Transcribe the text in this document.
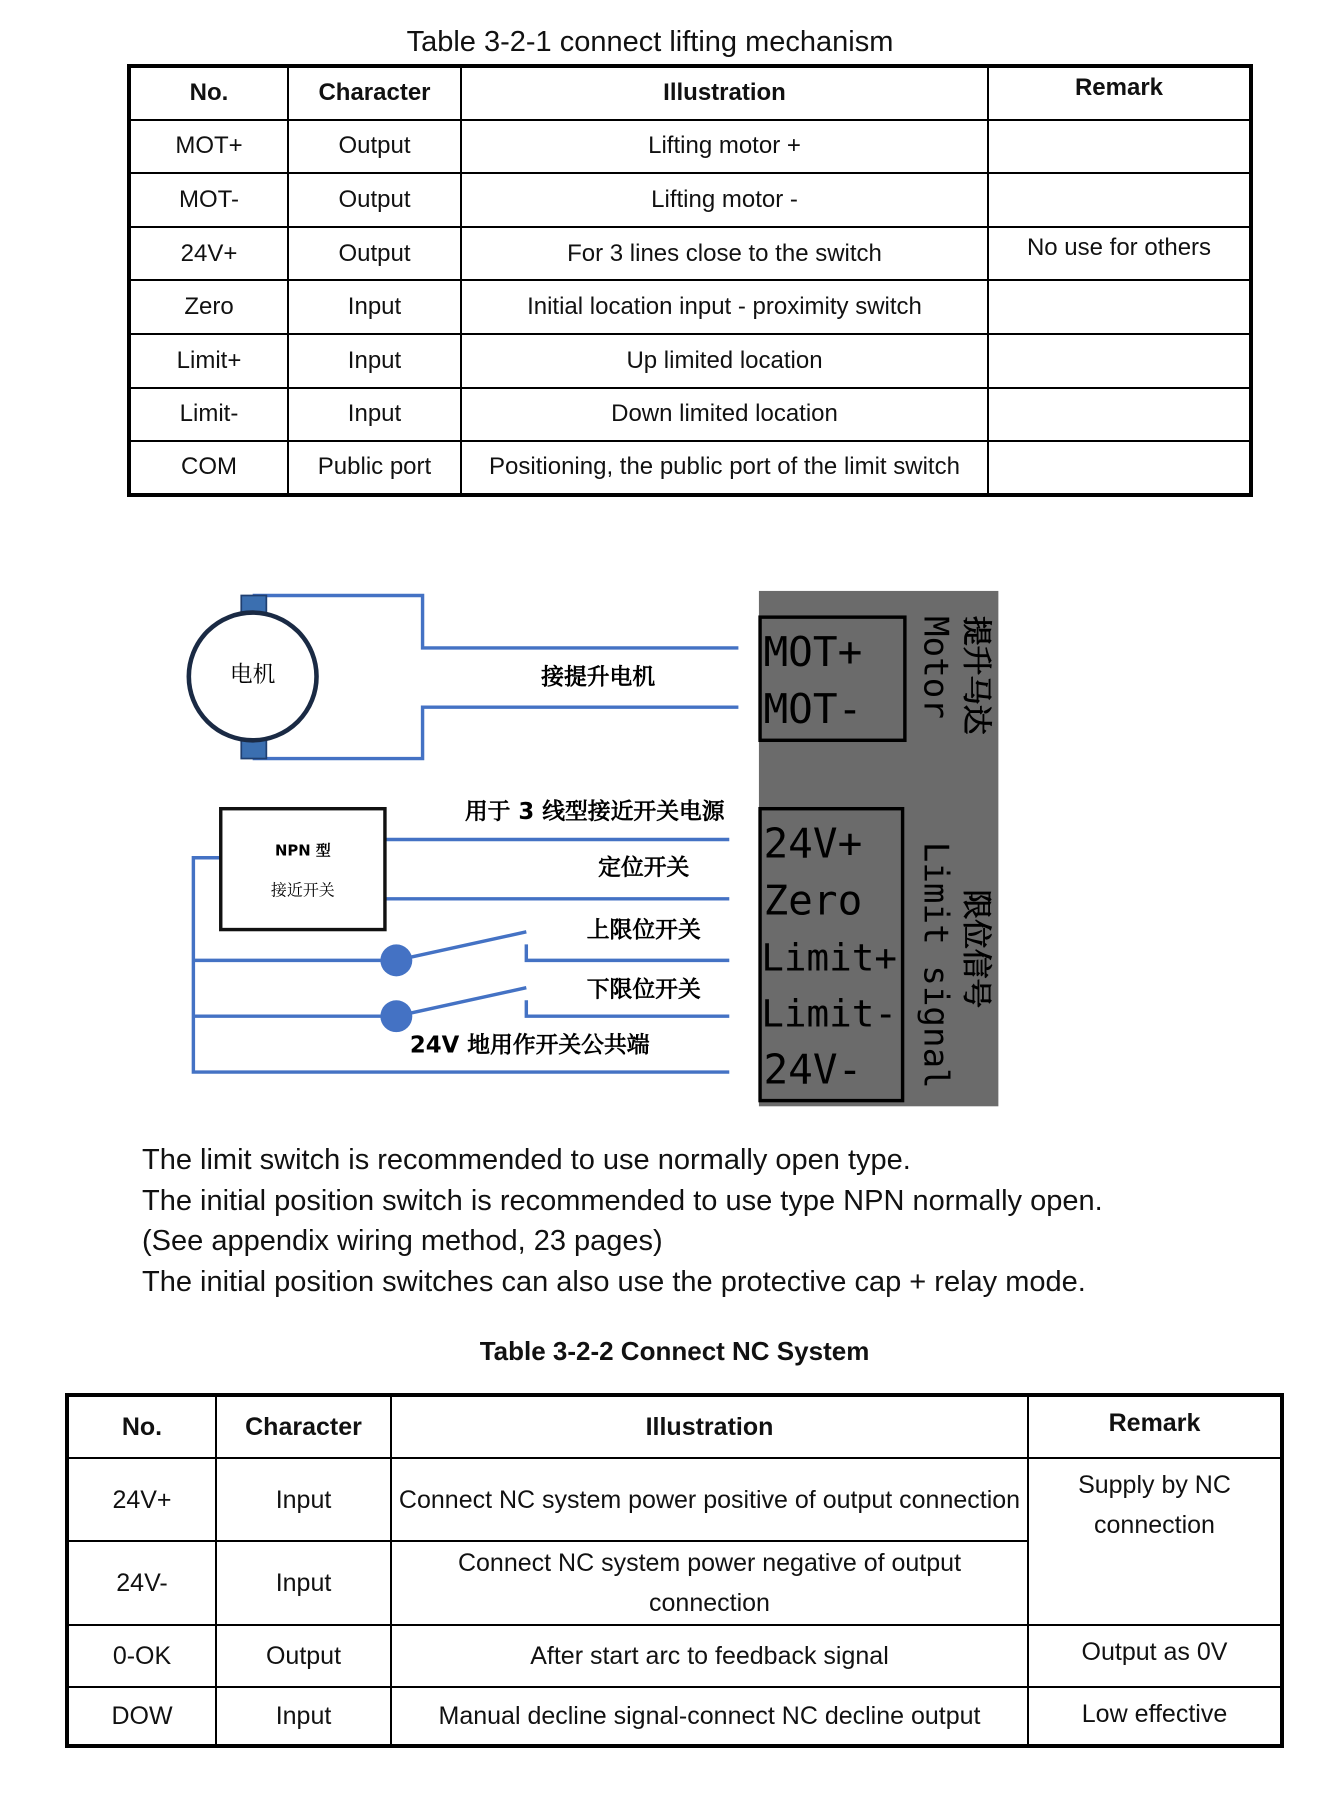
Table 3-2-1 connect lifting mechanism
No.	Character	Illustration	Remark
MOT+	Output	Lifting motor +	
MOT-	Output	Lifting motor -	
24V+	Output	For 3 lines close to the switch	No use for others
Zero	Input	Initial location input - proximity switch	
Limit+	Input	Up limited location	
Limit-	Input	Down limited location	
COM	Public port	Positioning, the public port of the limit switch	
电机	接提升电机
NPN 型
接近开关
用于 3 线型接近开关电源
定位开关
上限位开关
下限位开关
24V 地用作开关公共端
MOT+
MOT-
24V+
Zero
Limit+
Limit-
24V-
Motor
Limit signal
提升马达
限位信号
The limit switch is recommended to use normally open type.
The initial position switch is recommended to use type NPN normally open.
(See appendix wiring method, 23 pages)
The initial position switches can also use the protective cap + relay mode.
Table 3-2-2 Connect NC System
No.	Character	Illustration	Remark
24V+	Input	Connect NC system power positive of output connection	Supply by NC connection
24V-	Input	Connect NC system power negative of output connection	
0-OK	Output	After start arc to feedback signal	Output as 0V
DOW	Input	Manual decline signal-connect NC decline output	Low effective
